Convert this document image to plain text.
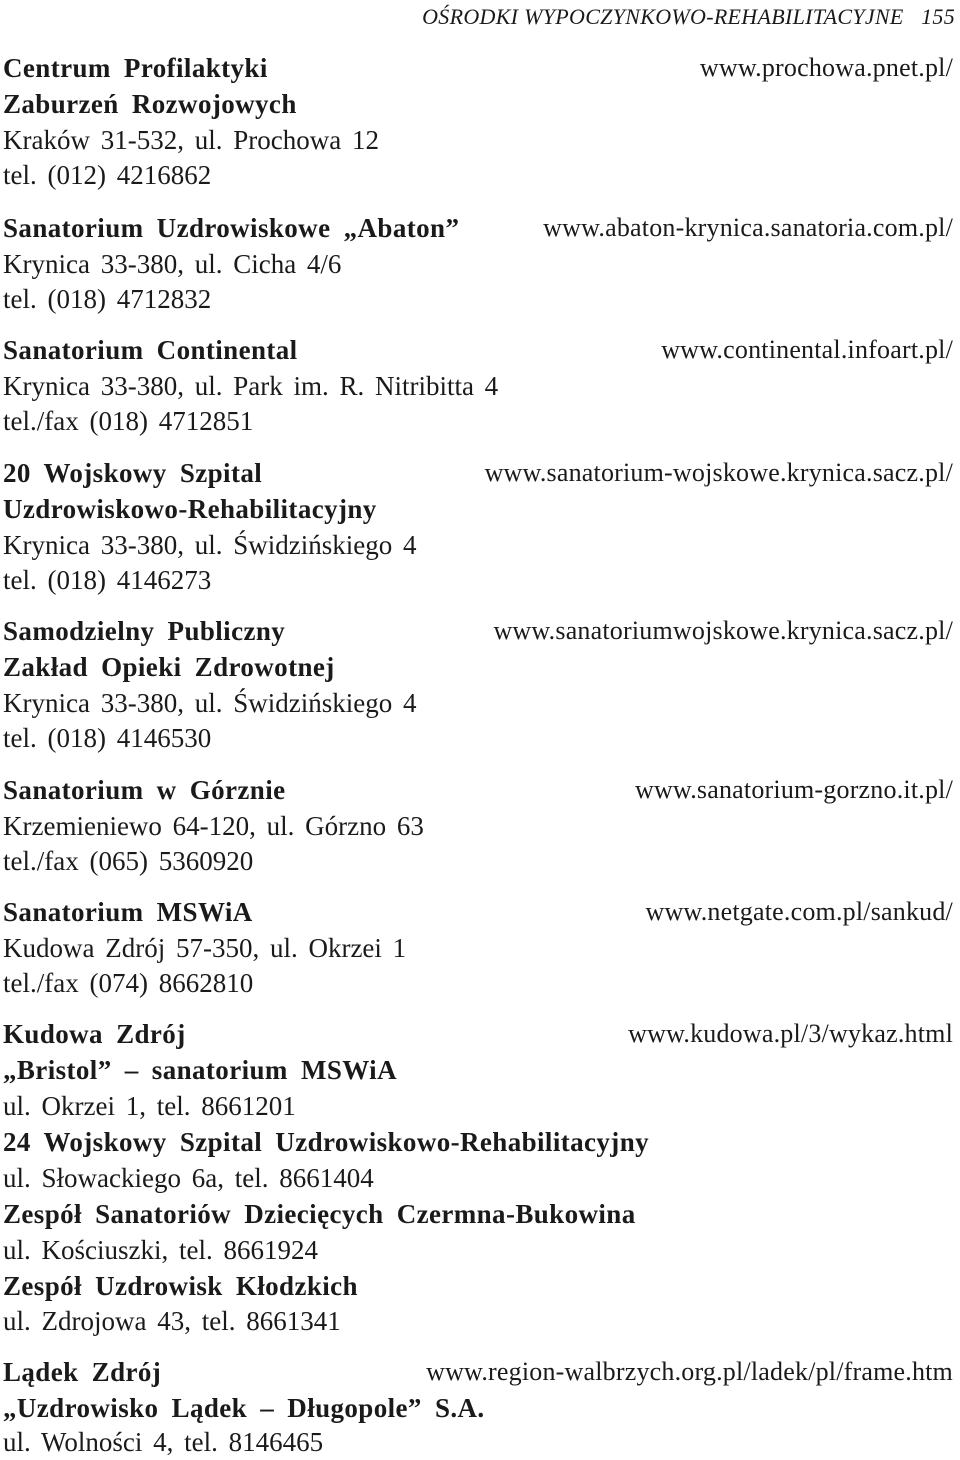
OŚRODKI WYPOCZYNKOWO-REHABILITACYJNE 155
Centrum Profilaktyki	www.prochowa.pnet.pl/
Zaburzeń Rozwojowych
Kraków 31-532, ul. Prochowa 12
tel. (012) 4216862
Sanatorium Uzdrowiskowe „Abaton”	www.abaton-krynica.sanatoria.com.pl/
Krynica 33-380, ul. Cicha 4/6
tel. (018) 4712832
Sanatorium Continental	www.continental.infoart.pl/
Krynica 33-380, ul. Park im. R. Nitribitta 4
tel./fax (018) 4712851
20 Wojskowy Szpital	www.sanatorium-wojskowe.krynica.sacz.pl/
Uzdrowiskowo-Rehabilitacyjny
Krynica 33-380, ul. Świdzińskiego 4
tel. (018) 4146273
Samodzielny Publiczny	www.sanatoriumwojskowe.krynica.sacz.pl/
Zakład Opieki Zdrowotnej
Krynica 33-380, ul. Świdzińskiego 4
tel. (018) 4146530
Sanatorium w Górznie	www.sanatorium-gorzno.it.pl/
Krzemieniewo 64-120, ul. Górzno 63
tel./fax (065) 5360920
Sanatorium MSWiA	www.netgate.com.pl/sankud/
Kudowa Zdrój 57-350, ul. Okrzei 1
tel./fax (074) 8662810
Kudowa Zdrój	www.kudowa.pl/3/wykaz.html
„Bristol” – sanatorium MSWiA
ul. Okrzei 1, tel. 8661201
24 Wojskowy Szpital Uzdrowiskowo-Rehabilitacyjny
ul. Słowackiego 6a, tel. 8661404
Zespół Sanatoriów Dziecięcych Czermna-Bukowina
ul. Kościuszki, tel. 8661924
Zespół Uzdrowisk Kłodzkich
ul. Zdrojowa 43, tel. 8661341
Lądek Zdrój	www.region-walbrzych.org.pl/ladek/pl/frame.htm
„Uzdrowisko Lądek – Długopole” S.A.
ul. Wolności 4, tel. 8146465
